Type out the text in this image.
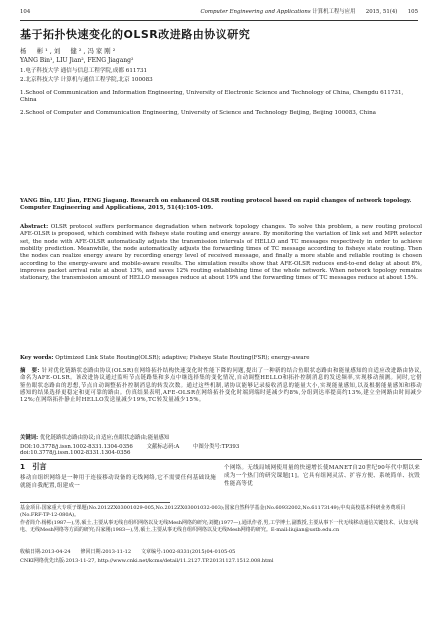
104	Computer Engineering and Applications 计算机工程与应用 2015, 51(4) 105
基于拓扑快速变化的OLSR改进路由协议研究
杨　彬¹,刘　健²,冯家刚²
YANG Bin¹, LIU Jian², FENG Jiagang²
1.电子科技大学 通信与信息工程学院,成都 611731
2.北京科技大学 计算机与通信工程学院,北京 100083
1.School of Communication and Information Engineering, University of Electronic Science and Technology of China, Chengdu 611731, China
2.School of Computer and Communication Engineering, University of Science and Technology Beijing, Beijing 100083, China
YANG Bin, LIU Jian, FENG Jiagang. Research on enhanced OLSR routing protocol based on rapid changes of network topology. Computer Engineering and Applications, 2015, 51(4):105-109.
Abstract: OLSR protocol suffers performance degradation when network topology changes. To solve this problem, a new routing protocol AFE-OLSR is proposed, which combined with fisheye state routing and energy aware. By monitoring the variation of link set and MPR selector set, the node with AFE-OLSR automatically adjusts the transmission intervals of HELLO and TC messages respectively in order to achieve mobility prediction. Meanwhile, the node automatically adjusts the forwarding times of TC message according to fisheye state routing. Then the nodes can realize energy aware by recording energy level of received message, and finally a more stable and reliable routing is chosen according to the energy-aware and mobile-aware results. The simulation results show that AFE-OLSR reduces end-to-end delay at about 8%, improves packet arrival rate at about 13%, and saves 12% routing establishing time of the whole network. When network topology remains stationary, the transmission amount of HELLO messages reduce at about 19% and the forwarding times of TC messages reduce at about 15%.
Key words: Optimized Link State Routing(OLSR); adaptive; Fisheye State Routing(FSR); energy-aware
摘　要: 针对优化链路状态路由协议(OLSR)在网络拓扑结构快速变化时性能下降的问题,提出了一种新的结合鱼眼状态路由和能量感知的自适应改进路由协议,命名为AFE-OLSR。该改进协议通过监听节点链路集和多点中继选择集的变化情况,自动调整HELLO和拓扑控制消息的发送频率,实现移动预测。同时,它借鉴鱼眼状态路由的思想,节点自动调整拓扑控制消息的转发次数。通过这些机制,诸协议能够记录接收消息的能量大小,实现能量感知,以及根据能量感知和移动感知的结果选择更稳定和更可靠的路由。仿真结果表明,AFE-OLSR在网络拓扑变化时端到端时延减少约8%,分组到达率提高约13%,建立全网路由时间减少12%;在网络拓扑静止时HELLO发送量减少19%,TC转发量减少15%。
关键词: 优化链路状态路由协议;自适应;鱼眼状态路由;能量感知
DOI:10.3778/j.issn.1002-8331.1304-0356	文献标志码:A	中图分类号:TP393
doi:10.3778/j.issn.1002-8331.1304-0356
1　引言
移动自组织网络是一种用于连接移动设备的无线网络,它不需要任何基础设施就能自我配置,组建成一
个网络。无线局域网使用量的快速增长使MANET自20世纪90年代中期以来成为一个热门的研究课题[1]。它具有组网灵活、扩容方便、系统简单、抗毁性能高等优
基金项目:国家重大专项子课题(No.2012ZX03001029-005,No.2012ZX03001032-003);国家自然科学基金(No.60932002,No.61173149);中央高校基本科研业务费项目(No.FRF-TP-12-080A)。
作者简介:杨彬(1987—),男,硕士,主要从事无线自组织网络以及无线Mesh网络的研究;刘健(1977—),通讯作者,男,工学博士,副教授,主要从事下一代无线移动通信关键技术、认知无线电、无线Mesh网络等方面的研究;冯家刚(1983—),男,硕士,主要从事无线自组织网络以及无线Mesh网络的研究。E-mail:liujian@ustb.edu.cn
收稿日期:2013-04-24　　修回日期:2013-11-12　　文章编号:1002-8331(2015)04-0105-05
CNKI网络优先出版:2013-11-27, http://www.cnki.net/kcms/detail/11.2127.TP.20131127.1512.008.html
